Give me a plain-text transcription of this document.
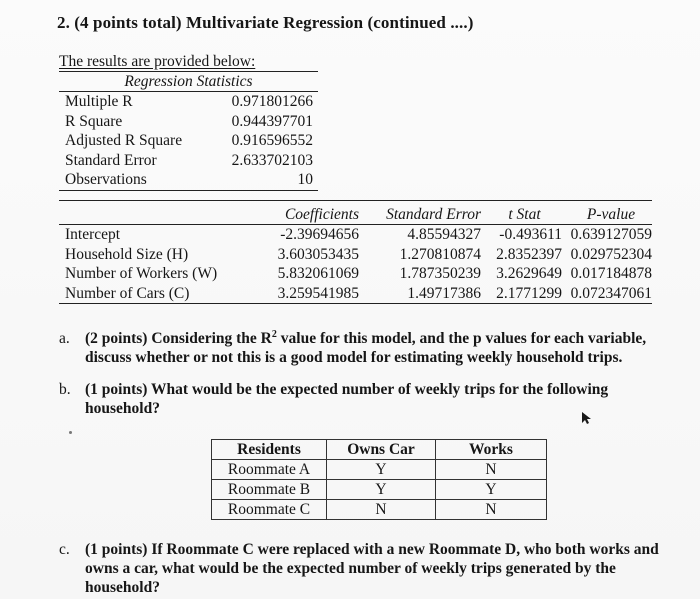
2. (4 points total) Multivariate Regression (continued ....)
The results are provided below:
Regression Statistics
Multiple R	0.971801266
R Square	0.944397701
Adjusted R Square	0.916596552
Standard Error	2.633702103
Observations	10
Coefficients	Standard Error	t Stat	P-value
Intercept	-2.39694656	4.85594327	-0.493611 0.639127059
Household Size (H)	3.603053435	1.270810874 2.8352397 0.029752304
Number of Workers (W)	5.832061069	1.787350239 3.2629649 0.017184878
Number of Cars (C)	3.259541985	1.49717386 2.1771299 0.072347061
a. (2 points) Considering the $R^2$ value for this model, and the p values for each variable,
discuss whether or not this is a good model for estimating weekly household trips.
b. (1 points) What would be the expected number of weekly trips for the following
household?
Residents	Owns Car	Works
Roommate A	Y	N
Roommate B	Y	Y
Roommate C	N	N
c. (1 points) If Roommate C were replaced with a new Roommate D, who both works and
owns a car, what would be the expected number of weekly trips generated by the
household?
